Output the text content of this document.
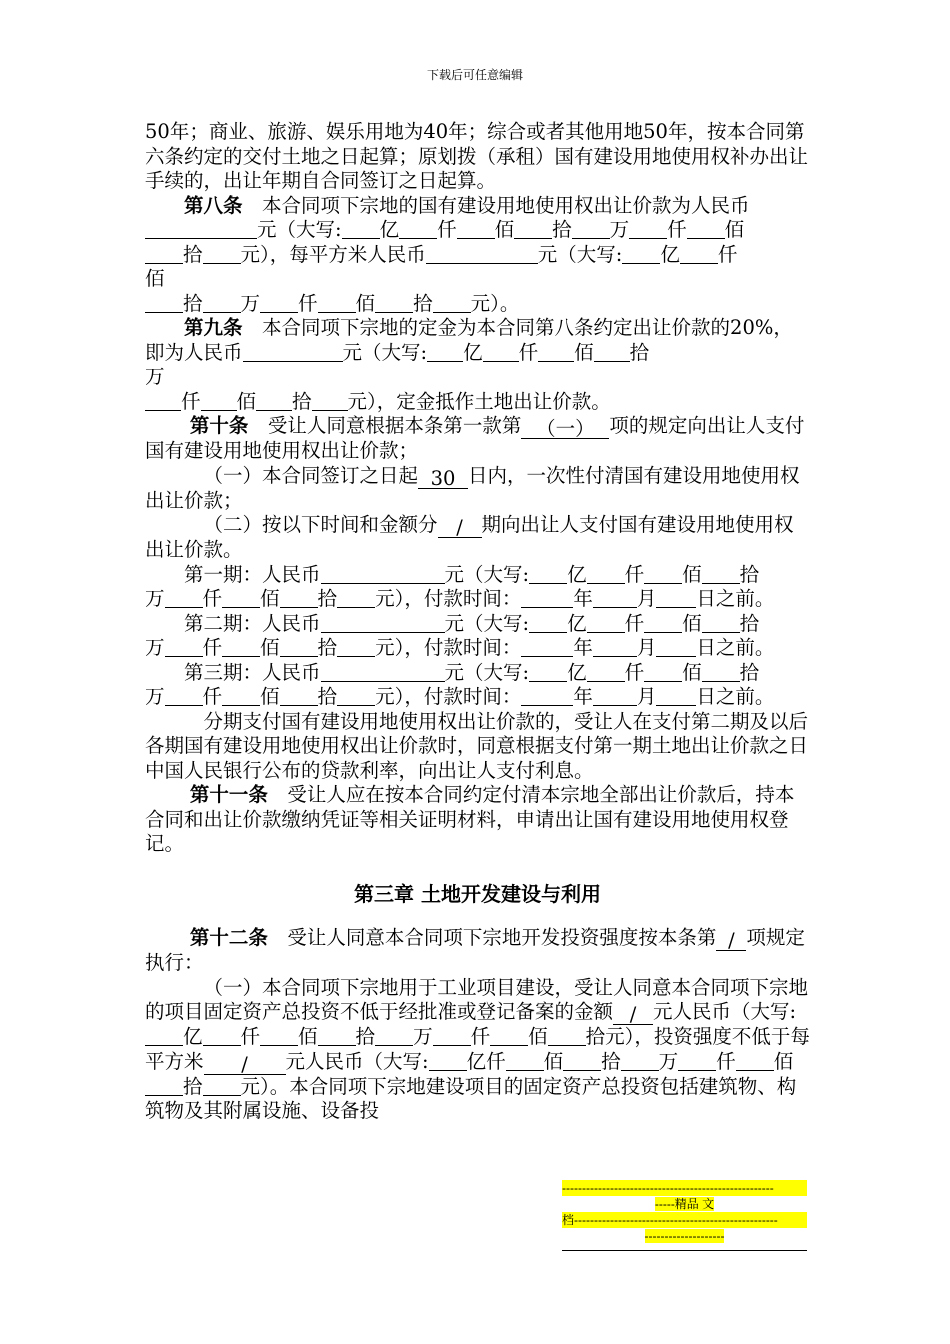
下载后可任意编辑

50年；商业、旅游、娱乐用地为40年；综合或者其他用地50年，按本合同第六条约定的交付土地之日起算；原划拨（承租）国有建设用地使用权补办出让手续的，出让年期自合同签订之日起算。

第八条　 本合同项下宗地的国有建设用地使用权出让价款为人民币元（大写: 亿 仟 佰 拾 万 仟 佰
拾 元），每平方米人民币	元（大写: 亿 仟
佰
拾 万 仟 佰 拾 元）。

第九条　 本合同项下宗地的定金为本合同第八条约定出让价款的20%，即为人民币	元（大写: 亿 仟 佰 拾
万
仟 佰 拾 元），定金抵作土地出让价款。

第十条　 受让人同意根据本条第一款第 （一） 项的规定向出让人支付国有建设用地使用权出让价款；

（一）本合同签订之日起 30 日内，一次性付清国有建设用地使用权出让价款；

（二）按以下时间和金额分 / 期向出让人支付国有建设用地使用权出让价款。

第一期：人民币	元（大写: 亿 仟 佰 拾
万 仟 佰 拾 元），付款时间：	年 月 日之前。

第二期：人民币	元（大写: 亿 仟 佰 拾
万 仟 佰 拾 元），付款时间：	年 月 日之前。

第三期：人民币	元（大写: 亿 仟 佰 拾
万 仟 佰 拾 元），付款时间：	年 月 日之前。

分期支付国有建设用地使用权出让价款的，受让人在支付第二期及以后各期国有建设用地使用权出让价款时，同意根据支付第一期土地出让价款之日中国人民银行公布的贷款利率，向出让人支付利息。

第十一条　 受让人应在按本合同约定付清本宗地全部出让价款后，持本合同和出让价款缴纳凭证等相关证明材料，申请出让国有建设用地使用权登记。

第三章 土地开发建设与利用

第十二条　 受让人同意本合同项下宗地开发投资强度按本条第 / 项规定执行：

（一）本合同项下宗地用于工业项目建设，受让人同意本合同项下宗地的项目固定资产总投资不低于经批准或登记备案的金额 / 元人民币（大写:亿 仟 佰 拾 万 仟 佰 拾元），投资强度不低于每平方米 / 元人民币（大写: 亿仟 佰 拾 万 仟 佰拾 元）。本合同项下宗地建设项目的固定资产总投资包括建筑物、构筑物及其附属设施、设备投

-----------------------------------------------------
-----精品 文
档---------------------------------------------------
--------------------
